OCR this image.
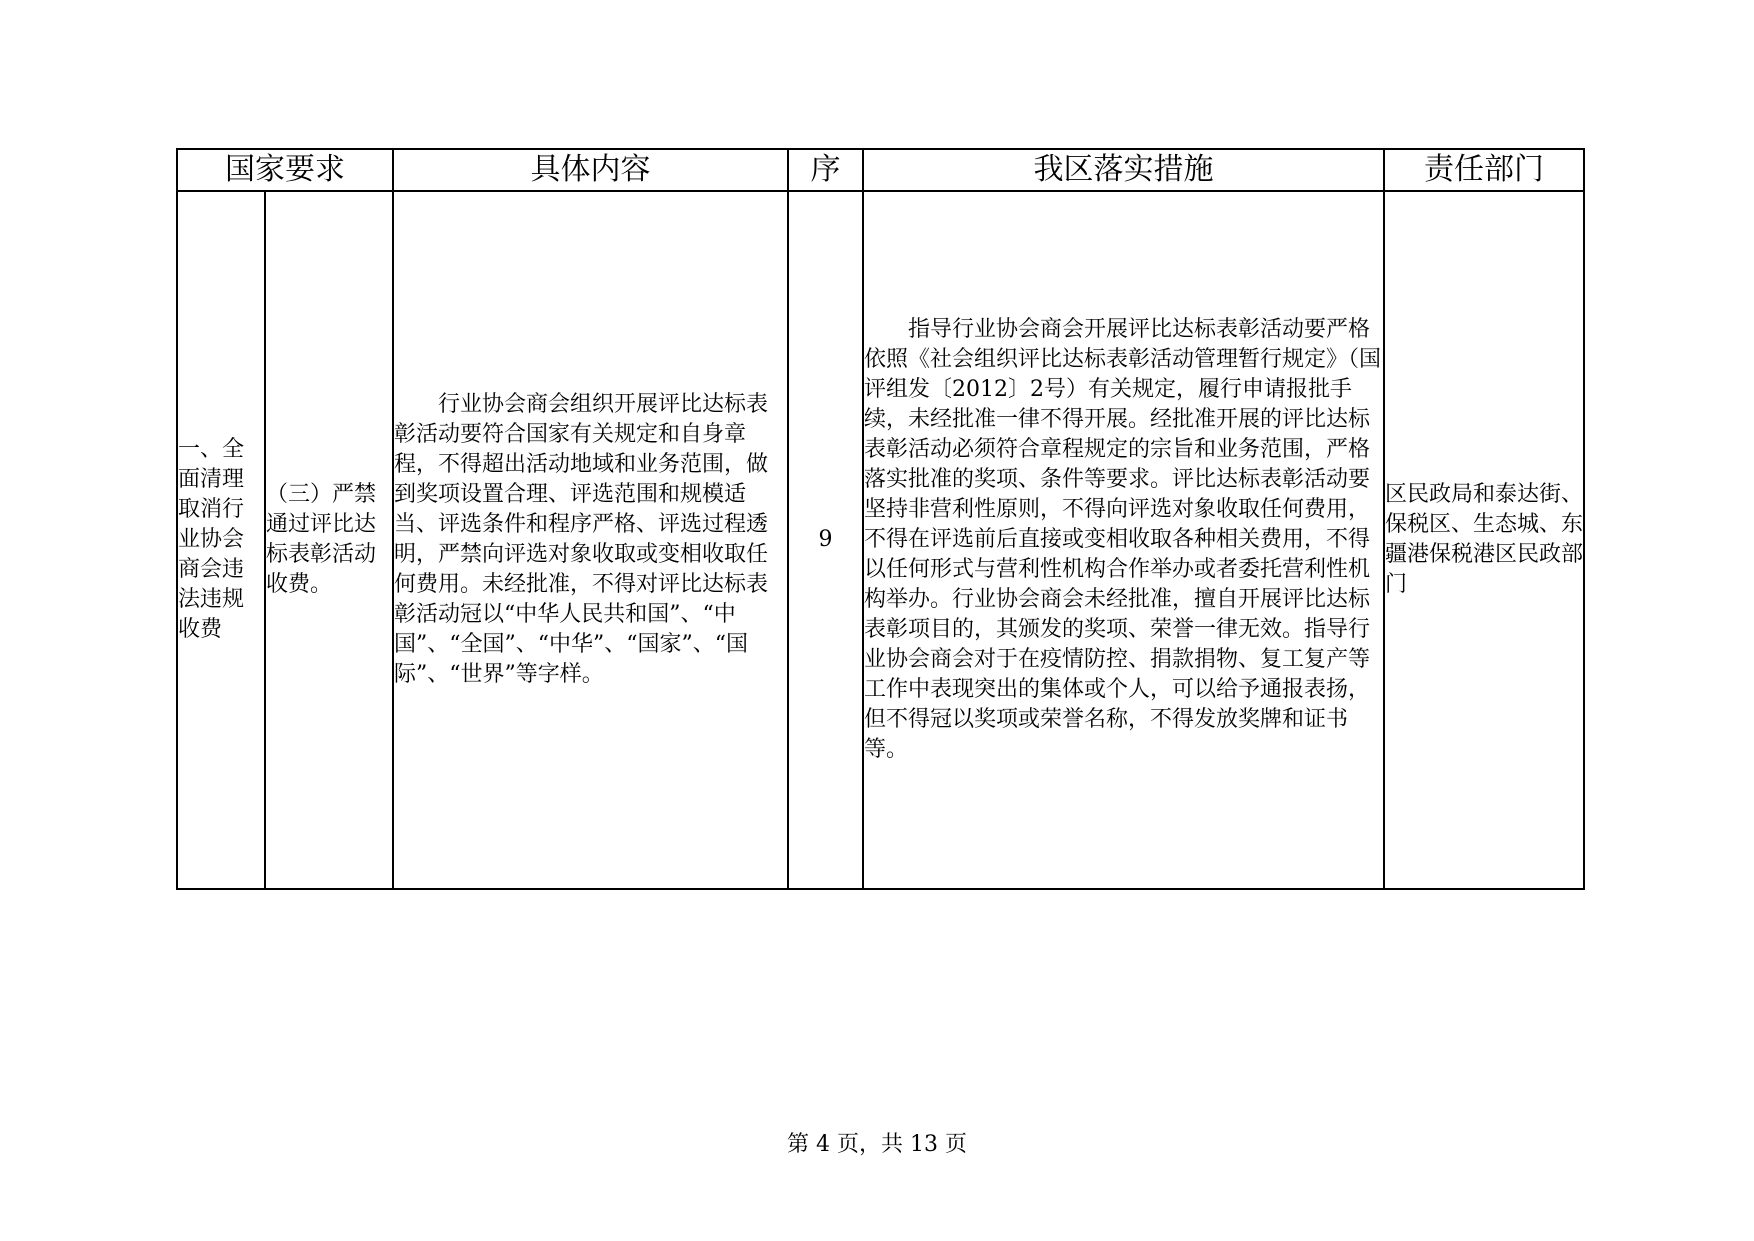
国家要求		具体内容	序	我区落实措施	责任部门
一、全面清理取消行业协会商会违法违规收费	（三）严禁通过评比达标表彰活动收费。	行业协会商会组织开展评比达标表彰活动要符合国家有关规定和自身章程，不得超出活动地域和业务范围，做到奖项设置合理、评选范围和规模适当、评选条件和程序严格、评选过程透明，严禁向评选对象收取或变相收取任何费用。未经批准，不得对评比达标表彰活动冠以“中华人民共和国”、“中国”、“全国”、“中华”、“国家”、“国际”、“世界”等字样。	9	指导行业协会商会开展评比达标表彰活动要严格依照《社会组织评比达标表彰活动管理暂行规定》（国评组发〔2012〕2号）有关规定，履行申请报批手续，未经批准一律不得开展。经批准开展的评比达标表彰活动必须符合章程规定的宗旨和业务范围，严格落实批准的奖项、条件等要求。评比达标表彰活动要坚持非营利性原则，不得向评选对象收取任何费用，不得在评选前后直接或变相收取各种相关费用，不得以任何形式与营利性机构合作举办或者委托营利性机构举办。行业协会商会未经批准，擅自开展评比达标表彰项目的，其颁发的奖项、荣誉一律无效。指导行业协会商会对于在疫情防控、捐款捐物、复工复产等工作中表现突出的集体或个人，可以给予通报表扬，但不得冠以奖项或荣誉名称，不得发放奖牌和证书等。	区民政局和泰达街、保税区、生态城、东疆港保税港区民政部门
第 4 页，共 13 页
